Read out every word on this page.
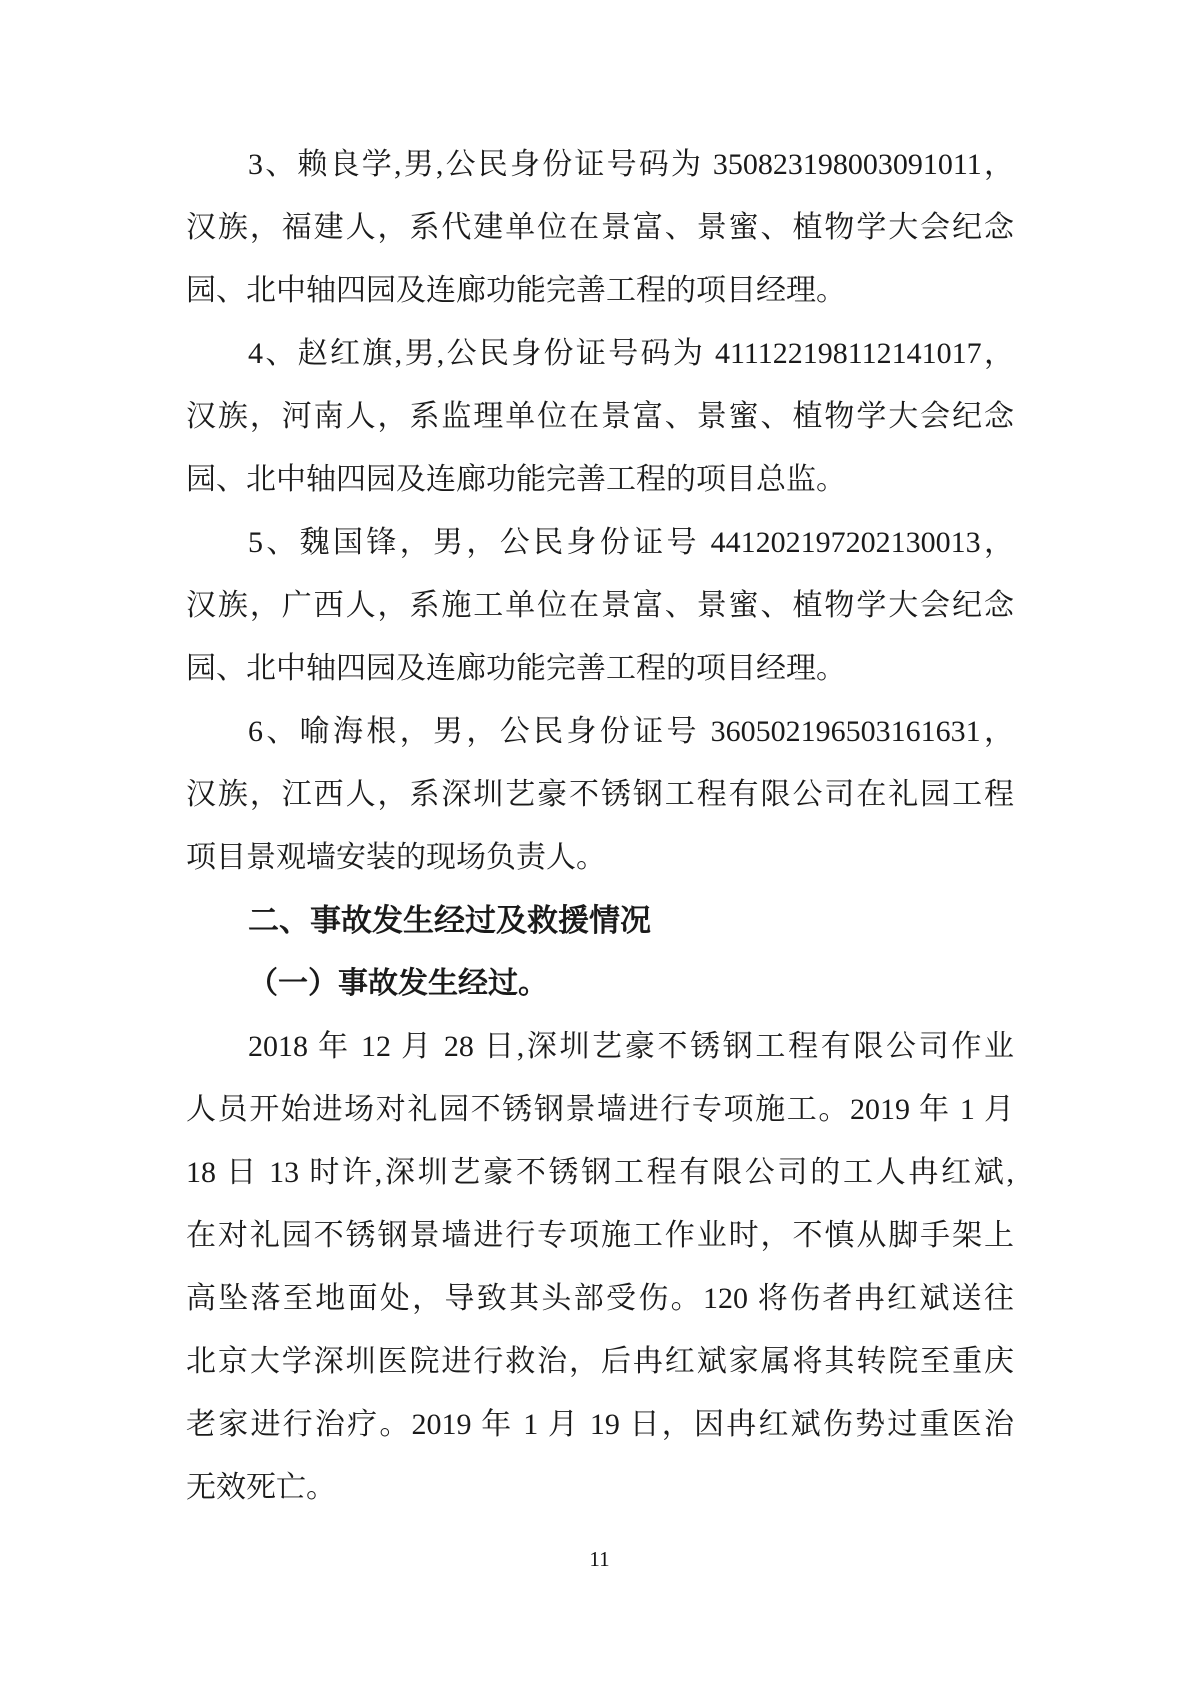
3、赖良学,男,公民身份证号码为 350823198003091011，
汉族，福建人，系代建单位在景富、景蜜、植物学大会纪念
园、北中轴四园及连廊功能完善工程的项目经理。
4、赵红旗,男,公民身份证号码为 411122198112141017，
汉族，河南人，系监理单位在景富、景蜜、植物学大会纪念
园、北中轴四园及连廊功能完善工程的项目总监。
5、魏国锋，男，公民身份证号 441202197202130013，
汉族，广西人，系施工单位在景富、景蜜、植物学大会纪念
园、北中轴四园及连廊功能完善工程的项目经理。
6、喻海根，男，公民身份证号 360502196503161631，
汉族，江西人，系深圳艺豪不锈钢工程有限公司在礼园工程
项目景观墙安装的现场负责人。
二、事故发生经过及救援情况
（一）事故发生经过。
2018 年 12 月 28 日,深圳艺豪不锈钢工程有限公司作业
人员开始进场对礼园不锈钢景墙进行专项施工。2019 年 1 月
18 日 13 时许,深圳艺豪不锈钢工程有限公司的工人冉红斌,
在对礼园不锈钢景墙进行专项施工作业时，不慎从脚手架上
高坠落至地面处，导致其头部受伤。120 将伤者冉红斌送往
北京大学深圳医院进行救治，后冉红斌家属将其转院至重庆
老家进行治疗。2019 年 1 月 19 日，因冉红斌伤势过重医治
无效死亡。
11
